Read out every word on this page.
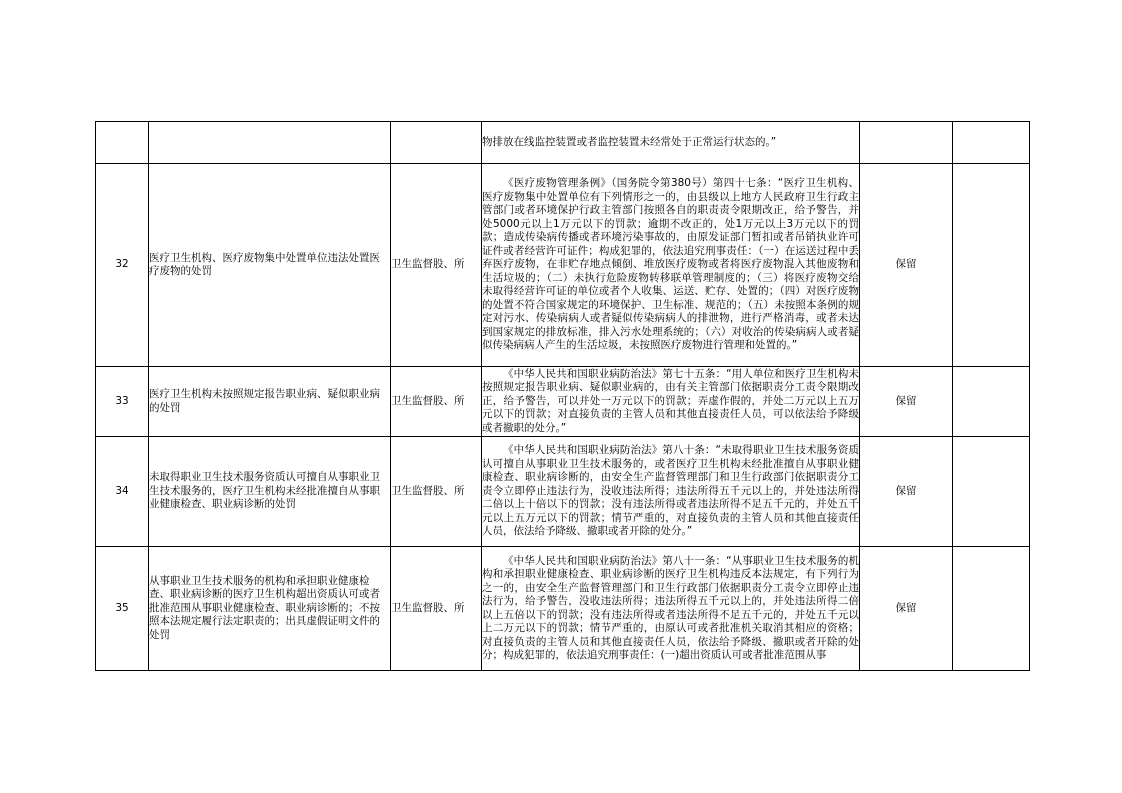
			物排放在线监控装置或者监控装置未经常处于正常运行状态的。”		

32	医疗卫生机构、医疗废物集中处置单位违法处置医疗废物的处罚	卫生监督股、所	《医疗废物管理条例》（国务院令第380号）第四十七条：“医疗卫生机构、医疗废物集中处置单位有下列情形之一的，由县级以上地方人民政府卫生行政主管部门或者环境保护行政主管部门按照各自的职责责令限期改正，给予警告，并处5000元以上1万元以下的罚款；逾期不改正的，处1万元以上3万元以下的罚款；造成传染病传播或者环境污染事故的，由原发证部门暂扣或者吊销执业许可证件或者经营许可证件；构成犯罪的，依法追究刑事责任：（一）在运送过程中丢弃医疗废物，在非贮存地点倾倒、堆放医疗废物或者将医疗废物混入其他废物和生活垃圾的；（二）未执行危险废物转移联单管理制度的；（三）将医疗废物交给未取得经营许可证的单位或者个人收集、运送、贮存、处置的；（四）对医疗废物的处置不符合国家规定的环境保护、卫生标准、规范的；（五）未按照本条例的规定对污水、传染病病人或者疑似传染病病人的排泄物，进行严格消毒，或者未达到国家规定的排放标准，排入污水处理系统的；（六）对收治的传染病病人或者疑似传染病病人产生的生活垃圾，未按照医疗废物进行管理和处置的。”	保留	
33	医疗卫生机构未按照规定报告职业病、疑似职业病的处罚	卫生监督股、所	《中华人民共和国职业病防治法》第七十五条：“用人单位和医疗卫生机构未按照规定报告职业病、疑似职业病的，由有关主管部门依据职责分工责令限期改正，给予警告，可以并处一万元以下的罚款；弄虚作假的，并处二万元以上五万元以下的罚款；对直接负责的主管人员和其他直接责任人员，可以依法给予降级或者撤职的处分。”	保留	
34	未取得职业卫生技术服务资质认可擅自从事职业卫生技术服务的，医疗卫生机构未经批准擅自从事职业健康检查、职业病诊断的处罚	卫生监督股、所	《中华人民共和国职业病防治法》第八十条：“未取得职业卫生技术服务资质认可擅自从事职业卫生技术服务的，或者医疗卫生机构未经批准擅自从事职业健康检查、职业病诊断的，由安全生产监督管理部门和卫生行政部门依据职责分工责令立即停止违法行为，没收违法所得；违法所得五千元以上的，并处违法所得二倍以上十倍以下的罚款；没有违法所得或者违法所得不足五千元的，并处五千元以上五万元以下的罚款；情节严重的，对直接负责的主管人员和其他直接责任人员，依法给予降级、撤职或者开除的处分。”	保留	
35	从事职业卫生技术服务的机构和承担职业健康检查、职业病诊断的医疗卫生机构超出资质认可或者批准范围从事职业健康检查、职业病诊断的；不按照本法规定履行法定职责的；出具虚假证明文件的处罚	卫生监督股、所	《中华人民共和国职业病防治法》第八十一条：“从事职业卫生技术服务的机构和承担职业健康检查、职业病诊断的医疗卫生机构违反本法规定，有下列行为之一的，由安全生产监督管理部门和卫生行政部门依据职责分工责令立即停止违法行为，给予警告，没收违法所得；违法所得五千元以上的，并处违法所得二倍以上五倍以下的罚款；没有违法所得或者违法所得不足五千元的，并处五千元以上二万元以下的罚款；情节严重的，由原认可或者批准机关取消其相应的资格；对直接负责的主管人员和其他直接责任人员，依法给予降级、撤职或者开除的处分；构成犯罪的，依法追究刑事责任：(一)超出资质认可或者批准范围从事	保留	
